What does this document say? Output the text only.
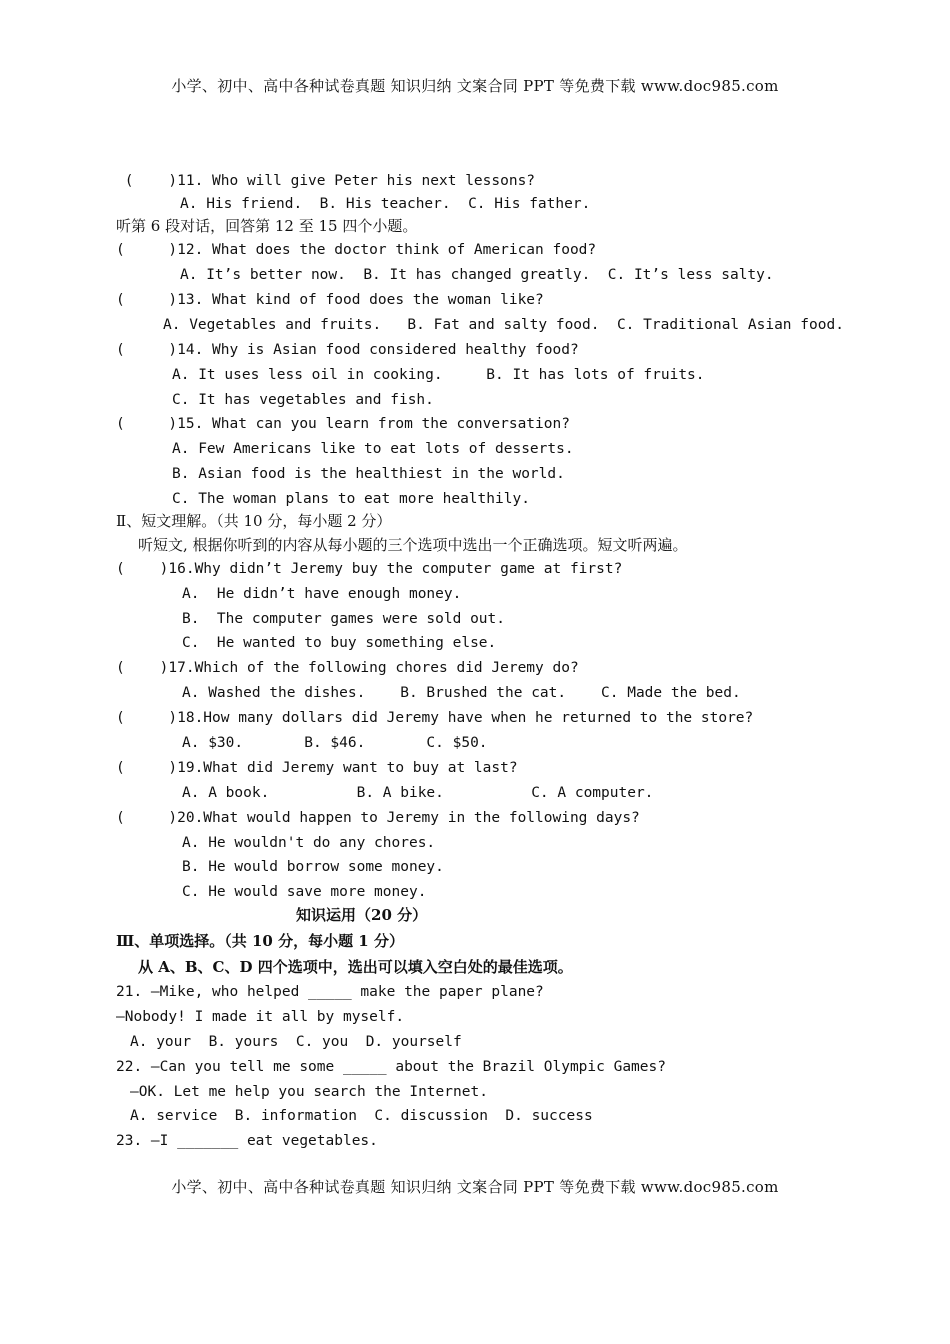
小学、初中、高中各种试卷真题 知识归纳 文案合同 PPT 等免费下载 www.doc985.com
(    )11. Who will give Peter his next lessons?
A. His friend.  B. His teacher.  C. His father.
听第 6 段对话，回答第 12 至 15 四个小题。
(     )12. What does the doctor think of American food?
A. It’s better now.  B. It has changed greatly.  C. It’s less salty.
(     )13. What kind of food does the woman like?
A. Vegetables and fruits.   B. Fat and salty food.  C. Traditional Asian food.
(     )14. Why is Asian food considered healthy food?
A. It uses less oil in cooking.     B. It has lots of fruits.
C. It has vegetables and fish.
(     )15. What can you learn from the conversation?
A. Few Americans like to eat lots of desserts.
B. Asian food is the healthiest in the world.
C. The woman plans to eat more healthily.
Ⅱ、短文理解。（共 10 分，每小题 2 分）
听短文, 根据你听到的内容从每小题的三个选项中选出一个正确选项。短文听两遍。
(    )16.Why didn’t Jeremy buy the computer game at first?
A.  He didn’t have enough money.
B.  The computer games were sold out.
C.  He wanted to buy something else.
(    )17.Which of the following chores did Jeremy do?
A. Washed the dishes.    B. Brushed the cat.    C. Made the bed.
(     )18.How many dollars did Jeremy have when he returned to the store?
A. $30.       B. $46.       C. $50.
(     )19.What did Jeremy want to buy at last?
A. A book.          B. A bike.          C. A computer.
(     )20.What would happen to Jeremy in the following days?
A. He wouldn't do any chores.
B. He would borrow some money.
C. He would save more money.
知识运用（20 分）
Ⅲ、单项选择。（共 10 分，每小题 1 分）
从 A、B、C、D 四个选项中，选出可以填入空白处的最佳选项。
21. —Mike, who helped _____ make the paper plane?
—Nobody! I made it all by myself.
A. your  B. yours  C. you  D. yourself
22. —Can you tell me some _____ about the Brazil Olympic Games?
—OK. Let me help you search the Internet.
A. service  B. information  C. discussion  D. success
23. —I _______ eat vegetables.
小学、初中、高中各种试卷真题 知识归纳 文案合同 PPT 等免费下载 www.doc985.com
